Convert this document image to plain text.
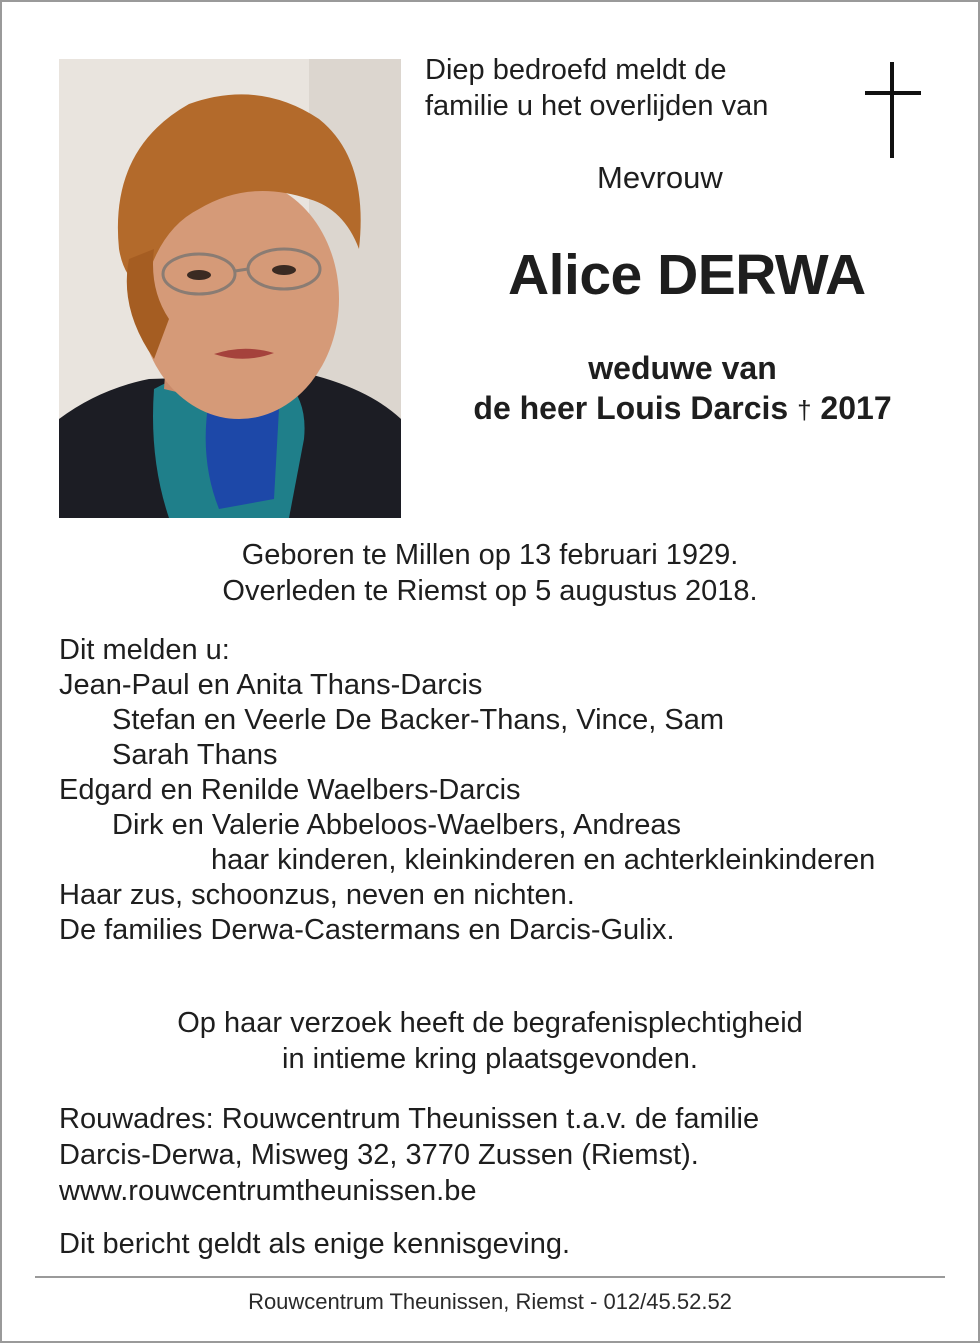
Diep bedroefd meldt de
familie u het overlijden van
Mevrouw
Alice DERWA
weduwe van
de heer Louis Darcis † 2017
Geboren te Millen op 13 februari 1929.
Overleden te Riemst op 5 augustus 2018.
Dit melden u:
Jean-Paul en Anita Thans-Darcis
Stefan en Veerle De Backer-Thans, Vince, Sam
Sarah Thans
Edgard en Renilde Waelbers-Darcis
Dirk en Valerie Abbeloos-Waelbers, Andreas
haar kinderen, kleinkinderen en achterkleinkinderen
Haar zus, schoonzus, neven en nichten.
De families Derwa-Castermans en Darcis-Gulix.
Op haar verzoek heeft de begrafenisplechtigheid
in intieme kring plaatsgevonden.
Rouwadres: Rouwcentrum Theunissen t.a.v. de familie
Darcis-Derwa, Misweg 32, 3770 Zussen (Riemst).
www.rouwcentrumtheunissen.be
Dit bericht geldt als enige kennisgeving.
Rouwcentrum Theunissen, Riemst - 012/45.52.52
